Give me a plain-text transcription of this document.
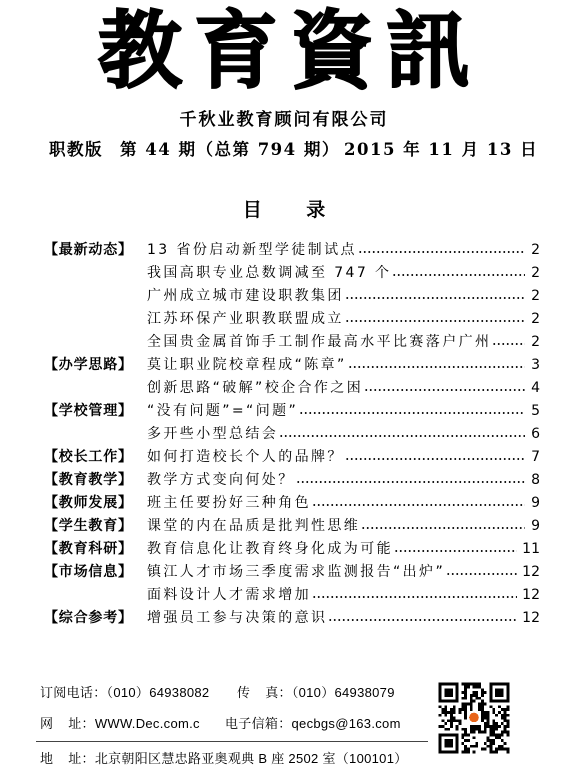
教育資訊
千秋业教育顾问有限公司
职教版 第 44 期（总第 794 期） 2015 年 11 月 13 日
目 录
【最新动态】	13 省份启动新型学徒制试点	2
我国高职专业总数调减至 747 个	2
广州成立城市建设职教集团	2
江苏环保产业职教联盟成立	2
全国贵金属首饰手工制作最高水平比赛落户广州	2
【办学思路】	莫让职业院校章程成“陈章”	3
创新思路“破解”校企合作之困	4
【学校管理】	“没有问题”=“问题”	5
多开些小型总结会	6
【校长工作】	如何打造校长个人的品牌？	7
【教育教学】	教学方式变向何处？	8
【教师发展】	班主任要扮好三种角色	9
【学生教育】	课堂的内在品质是批判性思维	9
【教育科研】	教育信息化让教育终身化成为可能	11
【市场信息】	镇江人才市场三季度需求监测报告“出炉”	12
面料设计人才需求增加	12
【综合参考】	增强员工参与决策的意识	12
订阅电话：（010）64938082 传 真：（010）64938079
网 址：WWW.Dec.com.c 电子信箱：qecbgs@163.com
地 址：北京朝阳区慧忠路亚奥观典 B 座 2502 室（100101）
